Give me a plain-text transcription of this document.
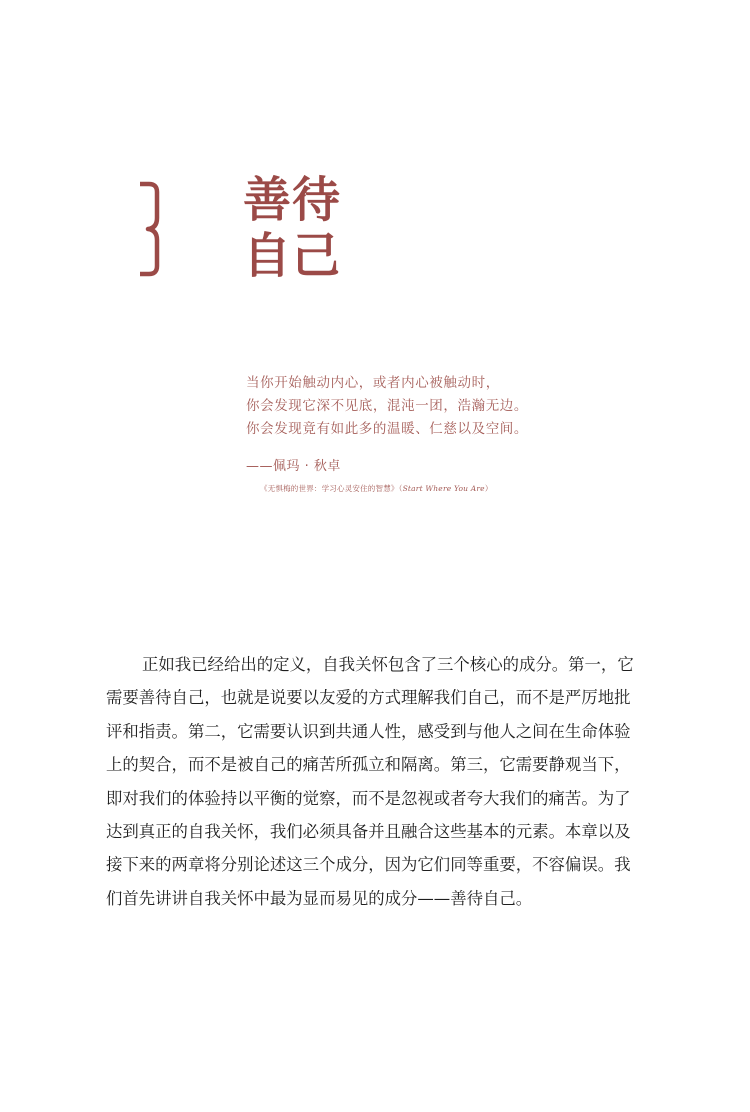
善待
自己
当你开始触动内心，或者内心被触动时，
你会发现它深不见底，混沌一团，浩瀚无边。
你会发现竟有如此多的温暖、仁慈以及空间。
——佩玛 · 秋卓
《无惧梅的世界：学习心灵安住的智慧》（Start Where You Are）
正如我已经给出的定义，自我关怀包含了三个核心的成分。第一，它
需要善待自己，也就是说要以友爱的方式理解我们自己，而不是严厉地批
评和指责。第二，它需要认识到共通人性，感受到与他人之间在生命体验
上的契合，而不是被自己的痛苦所孤立和隔离。第三，它需要静观当下，
即对我们的体验持以平衡的觉察，而不是忽视或者夸大我们的痛苦。为了
达到真正的自我关怀，我们必须具备并且融合这些基本的元素。本章以及
接下来的两章将分别论述这三个成分，因为它们同等重要，不容偏误。我
们首先讲讲自我关怀中最为显而易见的成分——善待自己。
